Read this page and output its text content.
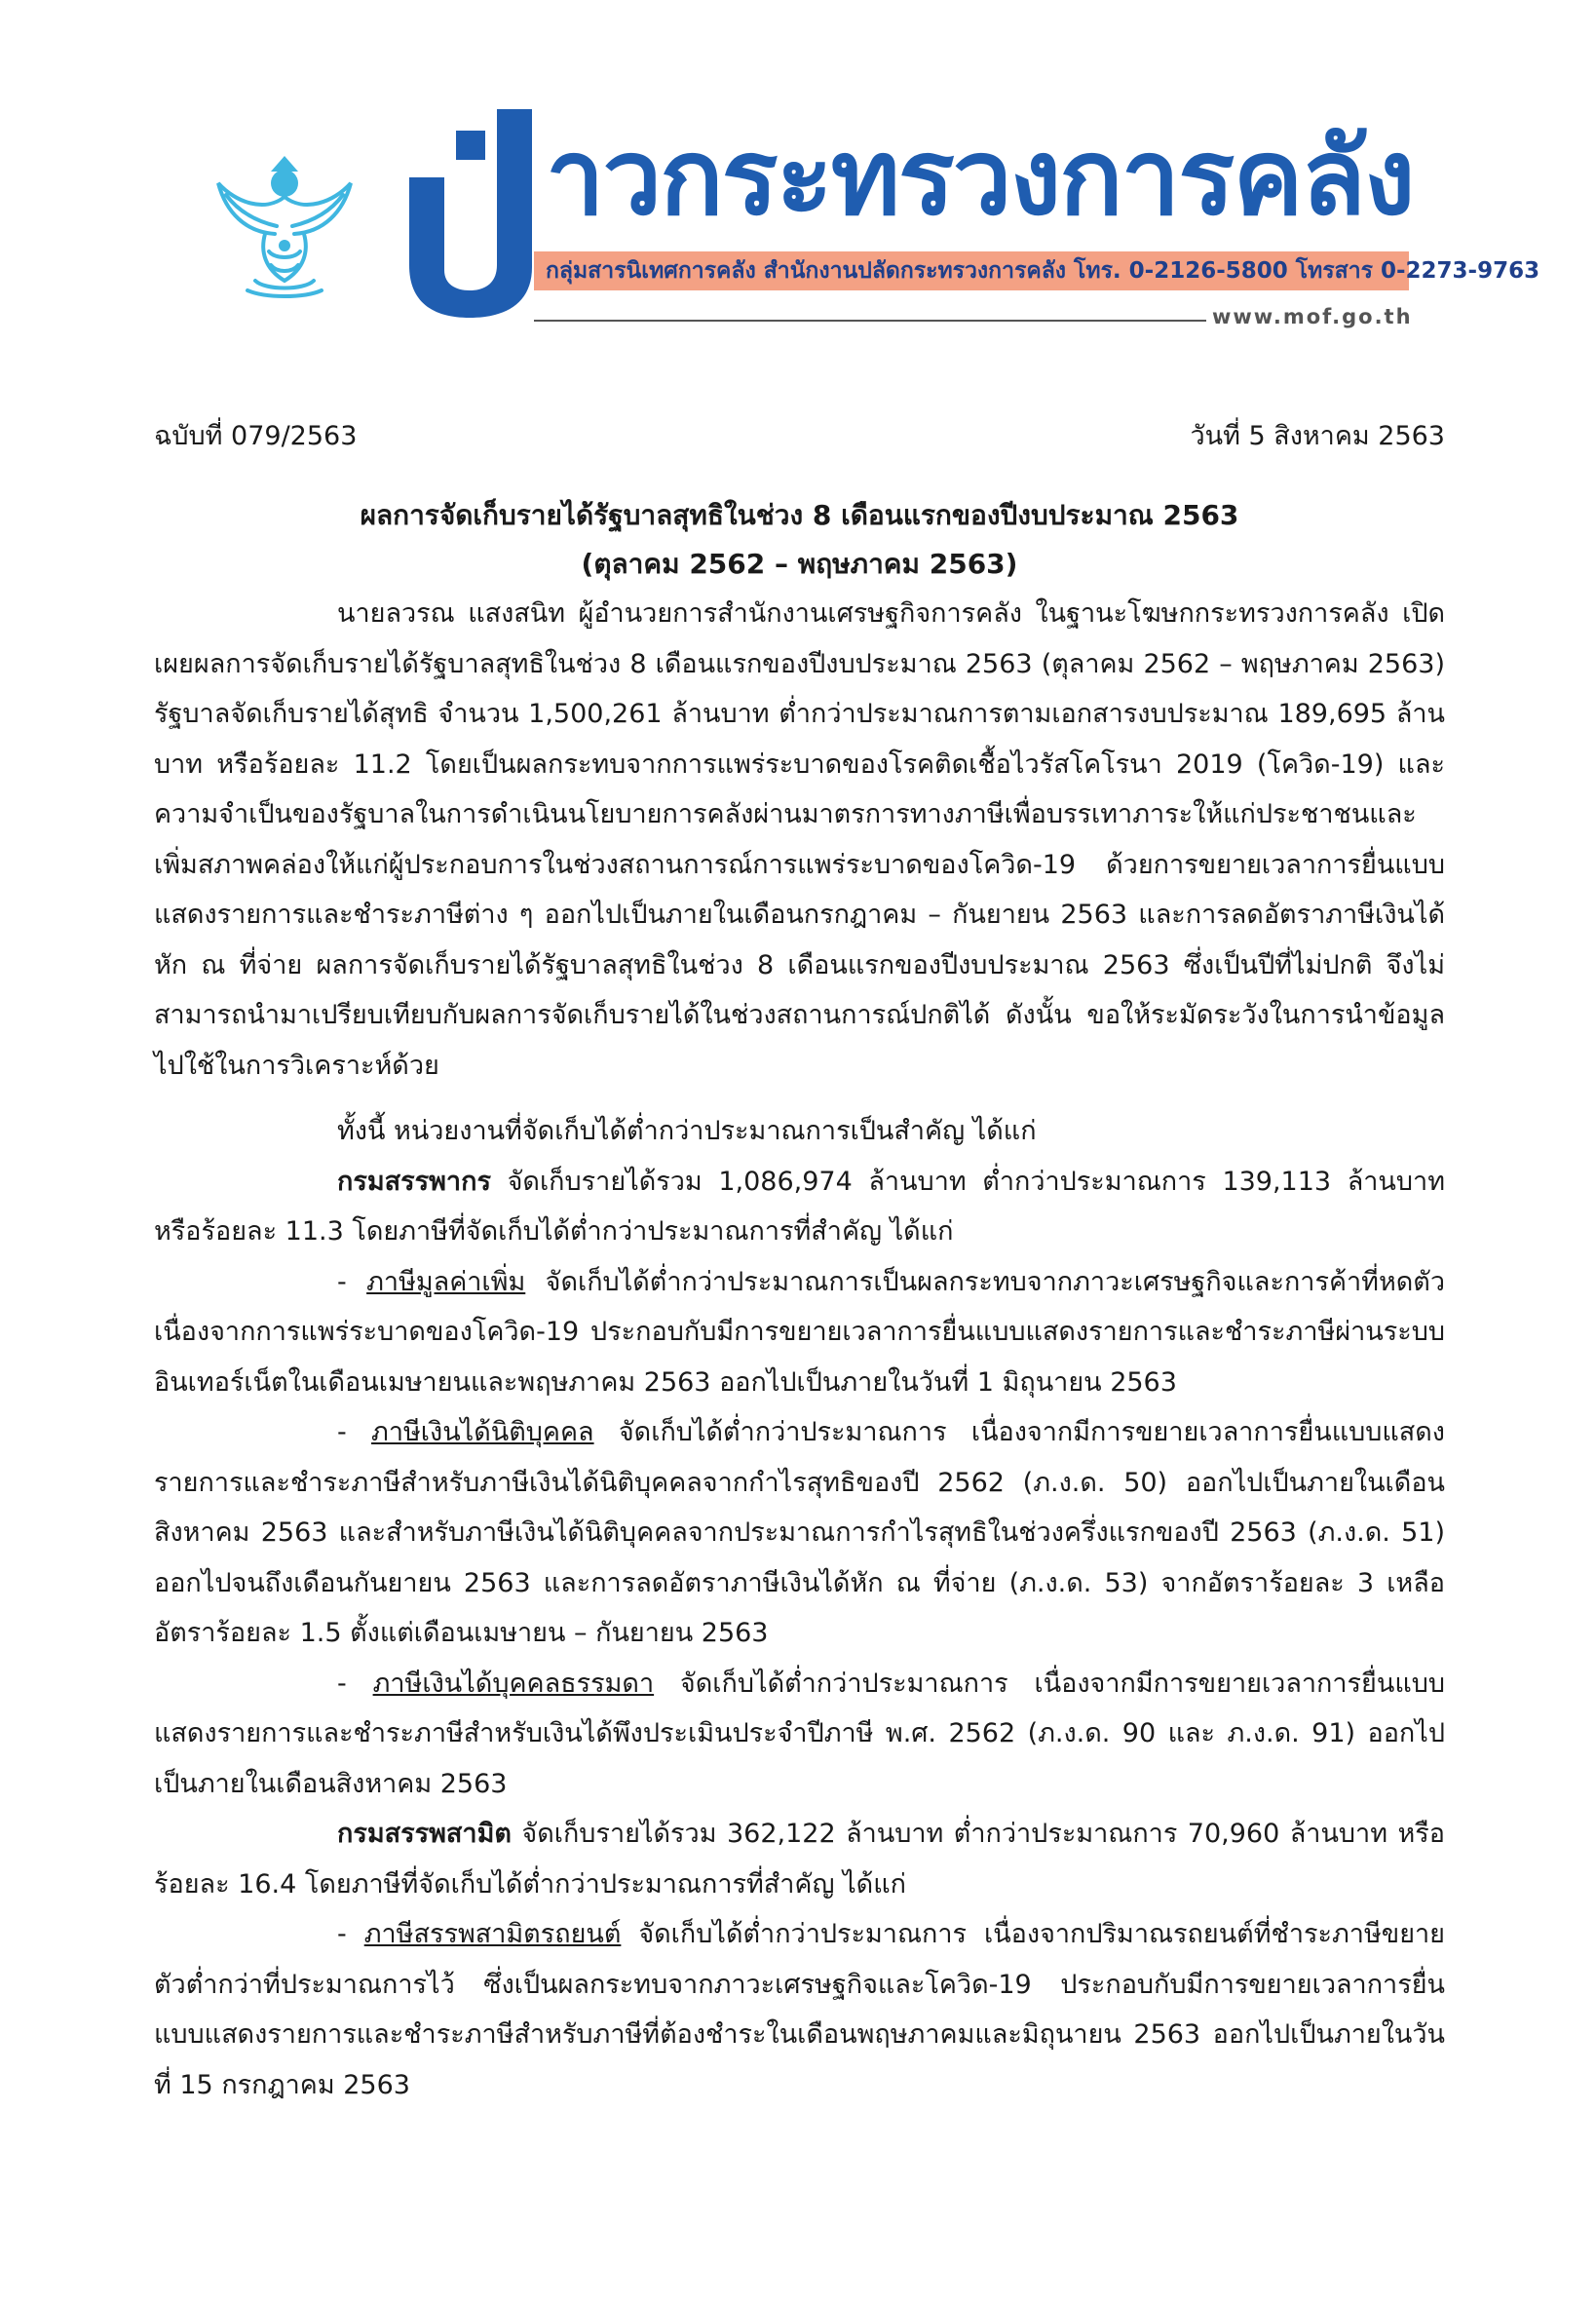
าวกระทรวงการคลัง
กลุ่มสารนิเทศการคลัง สำนักงานปลัดกระทรวงการคลัง โทร. 0-2126-5800 โทรสาร 0-2273-9763
www.mof.go.th
ฉบับที่ 079/2563	วันที่ 5 สิงหาคม 2563
ผลการจัดเก็บรายได้รัฐบาลสุทธิในช่วง 8 เดือนแรกของปีงบประมาณ 2563
(ตุลาคม 2562 – พฤษภาคม 2563)

นายลวรณ แสงสนิท ผู้อำนวยการสำนักงานเศรษฐกิจการคลัง ในฐานะโฆษกกระทรวงการคลัง เปิดเผยผลการจัดเก็บรายได้รัฐบาลสุทธิในช่วง 8 เดือนแรกของปีงบประมาณ 2563 (ตุลาคม 2562 – พฤษภาคม 2563) รัฐบาลจัดเก็บรายได้สุทธิ จำนวน 1,500,261 ล้านบาท ต่ำกว่าประมาณการตามเอกสารงบประมาณ 189,695 ล้านบาท หรือร้อยละ 11.2 โดยเป็นผลกระทบจากการแพร่ระบาดของโรคติดเชื้อไวรัสโคโรนา 2019 (โควิด-19) และความจำเป็นของรัฐบาลในการดำเนินนโยบายการคลังผ่านมาตรการทางภาษีเพื่อบรรเทาภาระให้แก่ประชาชนและเพิ่มสภาพคล่องให้แก่ผู้ประกอบการในช่วงสถานการณ์การแพร่ระบาดของโควิด-19 ด้วยการขยายเวลาการยื่นแบบแสดงรายการและชำระภาษีต่าง ๆ ออกไปเป็นภายในเดือนกรกฎาคม – กันยายน 2563 และการลดอัตราภาษีเงินได้หัก ณ ที่จ่าย ผลการจัดเก็บรายได้รัฐบาลสุทธิในช่วง 8 เดือนแรกของปีงบประมาณ 2563 ซึ่งเป็นปีที่ไม่ปกติ จึงไม่สามารถนำมาเปรียบเทียบกับผลการจัดเก็บรายได้ในช่วงสถานการณ์ปกติได้ ดังนั้น ขอให้ระมัดระวังในการนำข้อมูลไปใช้ในการวิเคราะห์ด้วย

ทั้งนี้ หน่วยงานที่จัดเก็บได้ต่ำกว่าประมาณการเป็นสำคัญ ได้แก่

กรมสรรพากร จัดเก็บรายได้รวม 1,086,974 ล้านบาท ต่ำกว่าประมาณการ 139,113 ล้านบาท หรือร้อยละ 11.3 โดยภาษีที่จัดเก็บได้ต่ำกว่าประมาณการที่สำคัญ ได้แก่

- ภาษีมูลค่าเพิ่ม จัดเก็บได้ต่ำกว่าประมาณการเป็นผลกระทบจากภาวะเศรษฐกิจและการค้าที่หดตัว เนื่องจากการแพร่ระบาดของโควิด-19 ประกอบกับมีการขยายเวลาการยื่นแบบแสดงรายการและชำระภาษีผ่านระบบอินเทอร์เน็ตในเดือนเมษายนและพฤษภาคม 2563 ออกไปเป็นภายในวันที่ 1 มิถุนายน 2563

- ภาษีเงินได้นิติบุคคล จัดเก็บได้ต่ำกว่าประมาณการ เนื่องจากมีการขยายเวลาการยื่นแบบแสดงรายการและชำระภาษีสำหรับภาษีเงินได้นิติบุคคลจากกำไรสุทธิของปี 2562 (ภ.ง.ด. 50) ออกไปเป็นภายในเดือนสิงหาคม 2563 และสำหรับภาษีเงินได้นิติบุคคลจากประมาณการกำไรสุทธิในช่วงครึ่งแรกของปี 2563 (ภ.ง.ด. 51) ออกไปจนถึงเดือนกันยายน 2563 และการลดอัตราภาษีเงินได้หัก ณ ที่จ่าย (ภ.ง.ด. 53) จากอัตราร้อยละ 3 เหลืออัตราร้อยละ 1.5 ตั้งแต่เดือนเมษายน – กันยายน 2563

- ภาษีเงินได้บุคคลธรรมดา จัดเก็บได้ต่ำกว่าประมาณการ เนื่องจากมีการขยายเวลาการยื่นแบบแสดงรายการและชำระภาษีสำหรับเงินได้พึงประเมินประจำปีภาษี พ.ศ. 2562 (ภ.ง.ด. 90 และ ภ.ง.ด. 91) ออกไปเป็นภายในเดือนสิงหาคม 2563

กรมสรรพสามิต จัดเก็บรายได้รวม 362,122 ล้านบาท ต่ำกว่าประมาณการ 70,960 ล้านบาท หรือร้อยละ 16.4 โดยภาษีที่จัดเก็บได้ต่ำกว่าประมาณการที่สำคัญ ได้แก่

- ภาษีสรรพสามิตรถยนต์ จัดเก็บได้ต่ำกว่าประมาณการ เนื่องจากปริมาณรถยนต์ที่ชำระภาษีขยายตัวต่ำกว่าที่ประมาณการไว้ ซึ่งเป็นผลกระทบจากภาวะเศรษฐกิจและโควิด-19 ประกอบกับมีการขยายเวลาการยื่นแบบแสดงรายการและชำระภาษีสำหรับภาษีที่ต้องชำระในเดือนพฤษภาคมและมิถุนายน 2563 ออกไปเป็นภายในวันที่ 15 กรกฎาคม 2563
